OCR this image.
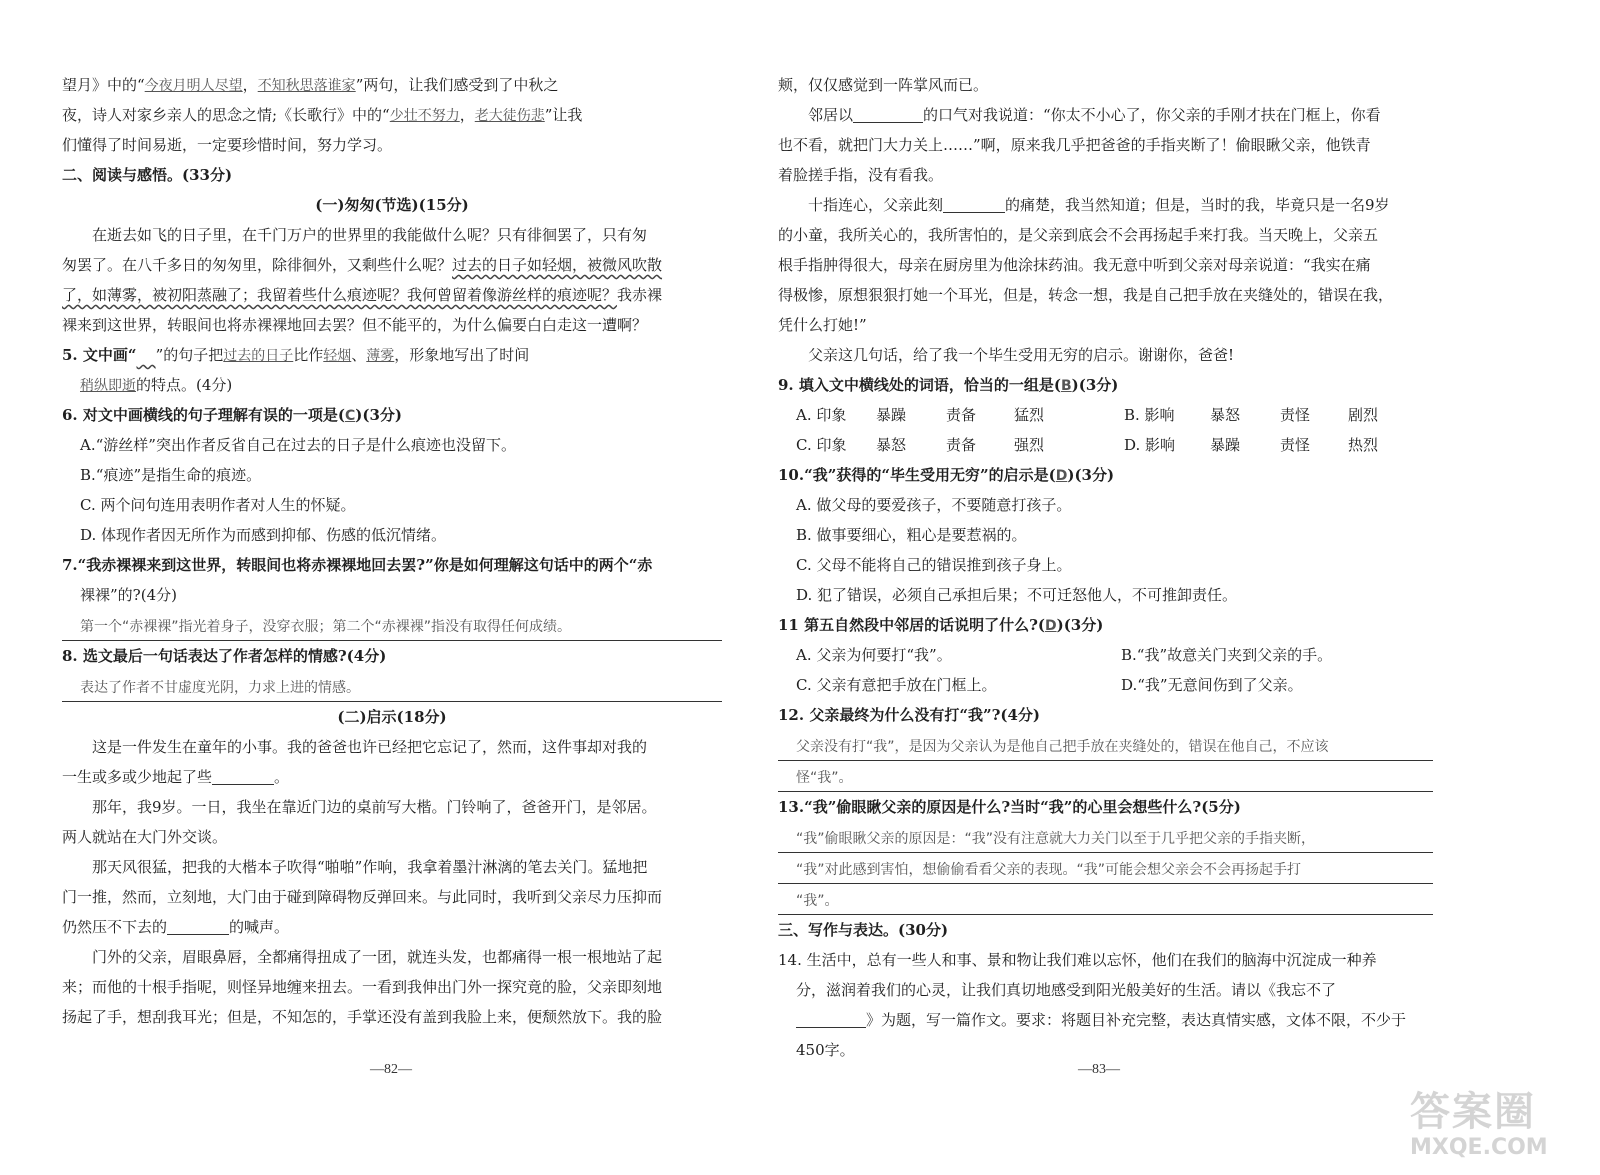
望月》中的“今夜月明人尽望，不知秋思落谁家”两句，让我们感受到了中秋之
夜，诗人对家乡亲人的思念之情;《长歌行》中的“少壮不努力，老大徒伤悲”让我
们懂得了时间易逝，一定要珍惜时间，努力学习。
二、阅读与感悟。(33分)
(一)匆匆(节选)(15分)
在逝去如飞的日子里，在千门万户的世界里的我能做什么呢？只有徘徊罢了，只有匆
匆罢了。在八千多日的匆匆里，除徘徊外，又剩些什么呢？过去的日子如轻烟，被微风吹散
了，如薄雾，被初阳蒸融了；我留着些什么痕迹呢？我何曾留着像游丝样的痕迹呢？我赤裸
裸来到这世界，转眼间也将赤裸裸地回去罢？但不能平的，为什么偏要白白走这一遭啊？
5. 文中画“ ”的句子把过去的日子比作轻烟、薄雾，形象地写出了时间
稍纵即逝的特点。(4分)
6. 对文中画横线的句子理解有误的一项是(C)(3分)
A.“游丝样”突出作者反省自己在过去的日子是什么痕迹也没留下。
B.“痕迹”是指生命的痕迹。
C. 两个问句连用表明作者对人生的怀疑。
D. 体现作者因无所作为而感到抑郁、伤感的低沉情绪。
7.“我赤裸裸来到这世界，转眼间也将赤裸裸地回去罢?”你是如何理解这句话中的两个“赤
裸裸”的?(4分)
第一个“赤裸裸”指光着身子，没穿衣服；第二个“赤裸裸”指没有取得任何成绩。
8. 选文最后一句话表达了作者怎样的情感?(4分)
表达了作者不甘虚度光阴，力求上进的情感。
(二)启示(18分)
这是一件发生在童年的小事。我的爸爸也许已经把它忘记了，然而，这件事却对我的
一生或多或少地起了些	。
那年，我9岁。一日，我坐在靠近门边的桌前写大楷。门铃响了，爸爸开门，是邻居。
两人就站在大门外交谈。
那天风很猛，把我的大楷本子吹得“啪啪”作响，我拿着墨汁淋漓的笔去关门。猛地把
门一推，然而，立刻地，大门由于碰到障碍物反弹回来。与此同时，我听到父亲尽力压抑而
仍然压不下去的	的喊声。
门外的父亲，眉眼鼻唇，全都痛得扭成了一团，就连头发，也都痛得一根一根地站了起
来；而他的十根手指呢，则怪异地缠来扭去。一看到我伸出门外一探究竟的脸，父亲即刻地
扬起了手，想刮我耳光；但是，不知怎的，手掌还没有盖到我脸上来，便颓然放下。我的脸
颊，仅仅感觉到一阵掌风而已。
邻居以	的口气对我说道：“你太不小心了，你父亲的手刚才扶在门框上，你看
也不看，就把门大力关上……”啊，原来我几乎把爸爸的手指夹断了！偷眼瞅父亲，他铁青
着脸搓手指，没有看我。
十指连心，父亲此刻	的痛楚，我当然知道；但是，当时的我，毕竟只是一名9岁
的小童，我所关心的，我所害怕的，是父亲到底会不会再扬起手来打我。当天晚上，父亲五
根手指肿得很大，母亲在厨房里为他涂抹药油。我无意中听到父亲对母亲说道：“我实在痛
得极惨，原想狠狠打她一个耳光，但是，转念一想，我是自己把手放在夹缝处的，错误在我，
凭什么打她!”
父亲这几句话，给了我一个毕生受用无穷的启示。谢谢你，爸爸!
9. 填入文中横线处的词语，恰当的一组是(B)(3分)
A. 印象	暴躁	责备	猛烈	B. 影响	暴怒	责怪	剧烈
C. 印象	暴怒	责备	强烈	D. 影响	暴躁	责怪	热烈
10.“我”获得的“毕生受用无穷”的启示是(D)(3分)
A. 做父母的要爱孩子，不要随意打孩子。
B. 做事要细心，粗心是要惹祸的。
C. 父母不能将自己的错误推到孩子身上。
D. 犯了错误，必须自己承担后果；不可迁怒他人，不可推卸责任。
11 第五自然段中邻居的话说明了什么?(D)(3分)
A. 父亲为何要打“我”。	B.“我”故意关门夹到父亲的手。
C. 父亲有意把手放在门框上。	D.“我”无意间伤到了父亲。
12. 父亲最终为什么没有打“我”?(4分)
父亲没有打“我”，是因为父亲认为是他自己把手放在夹缝处的，错误在他自己，不应该
怪“我”。
13.“我”偷眼瞅父亲的原因是什么?当时“我”的心里会想些什么?(5分)
“我”偷眼瞅父亲的原因是：“我”没有注意就大力关门以至于几乎把父亲的手指夹断，
“我”对此感到害怕，想偷偷看看父亲的表现。“我”可能会想父亲会不会再扬起手打
“我”。
三、写作与表达。(30分)
14. 生活中，总有一些人和事、景和物让我们难以忘怀，他们在我们的脑海中沉淀成一种养
分，滋润着我们的心灵，让我们真切地感受到阳光般美好的生活。请以《我忘不了
》为题，写一篇作文。要求：将题目补充完整，表达真情实感，文体不限，不少于
450字。
—82—	—83—
答案圈
MXQE.COM
